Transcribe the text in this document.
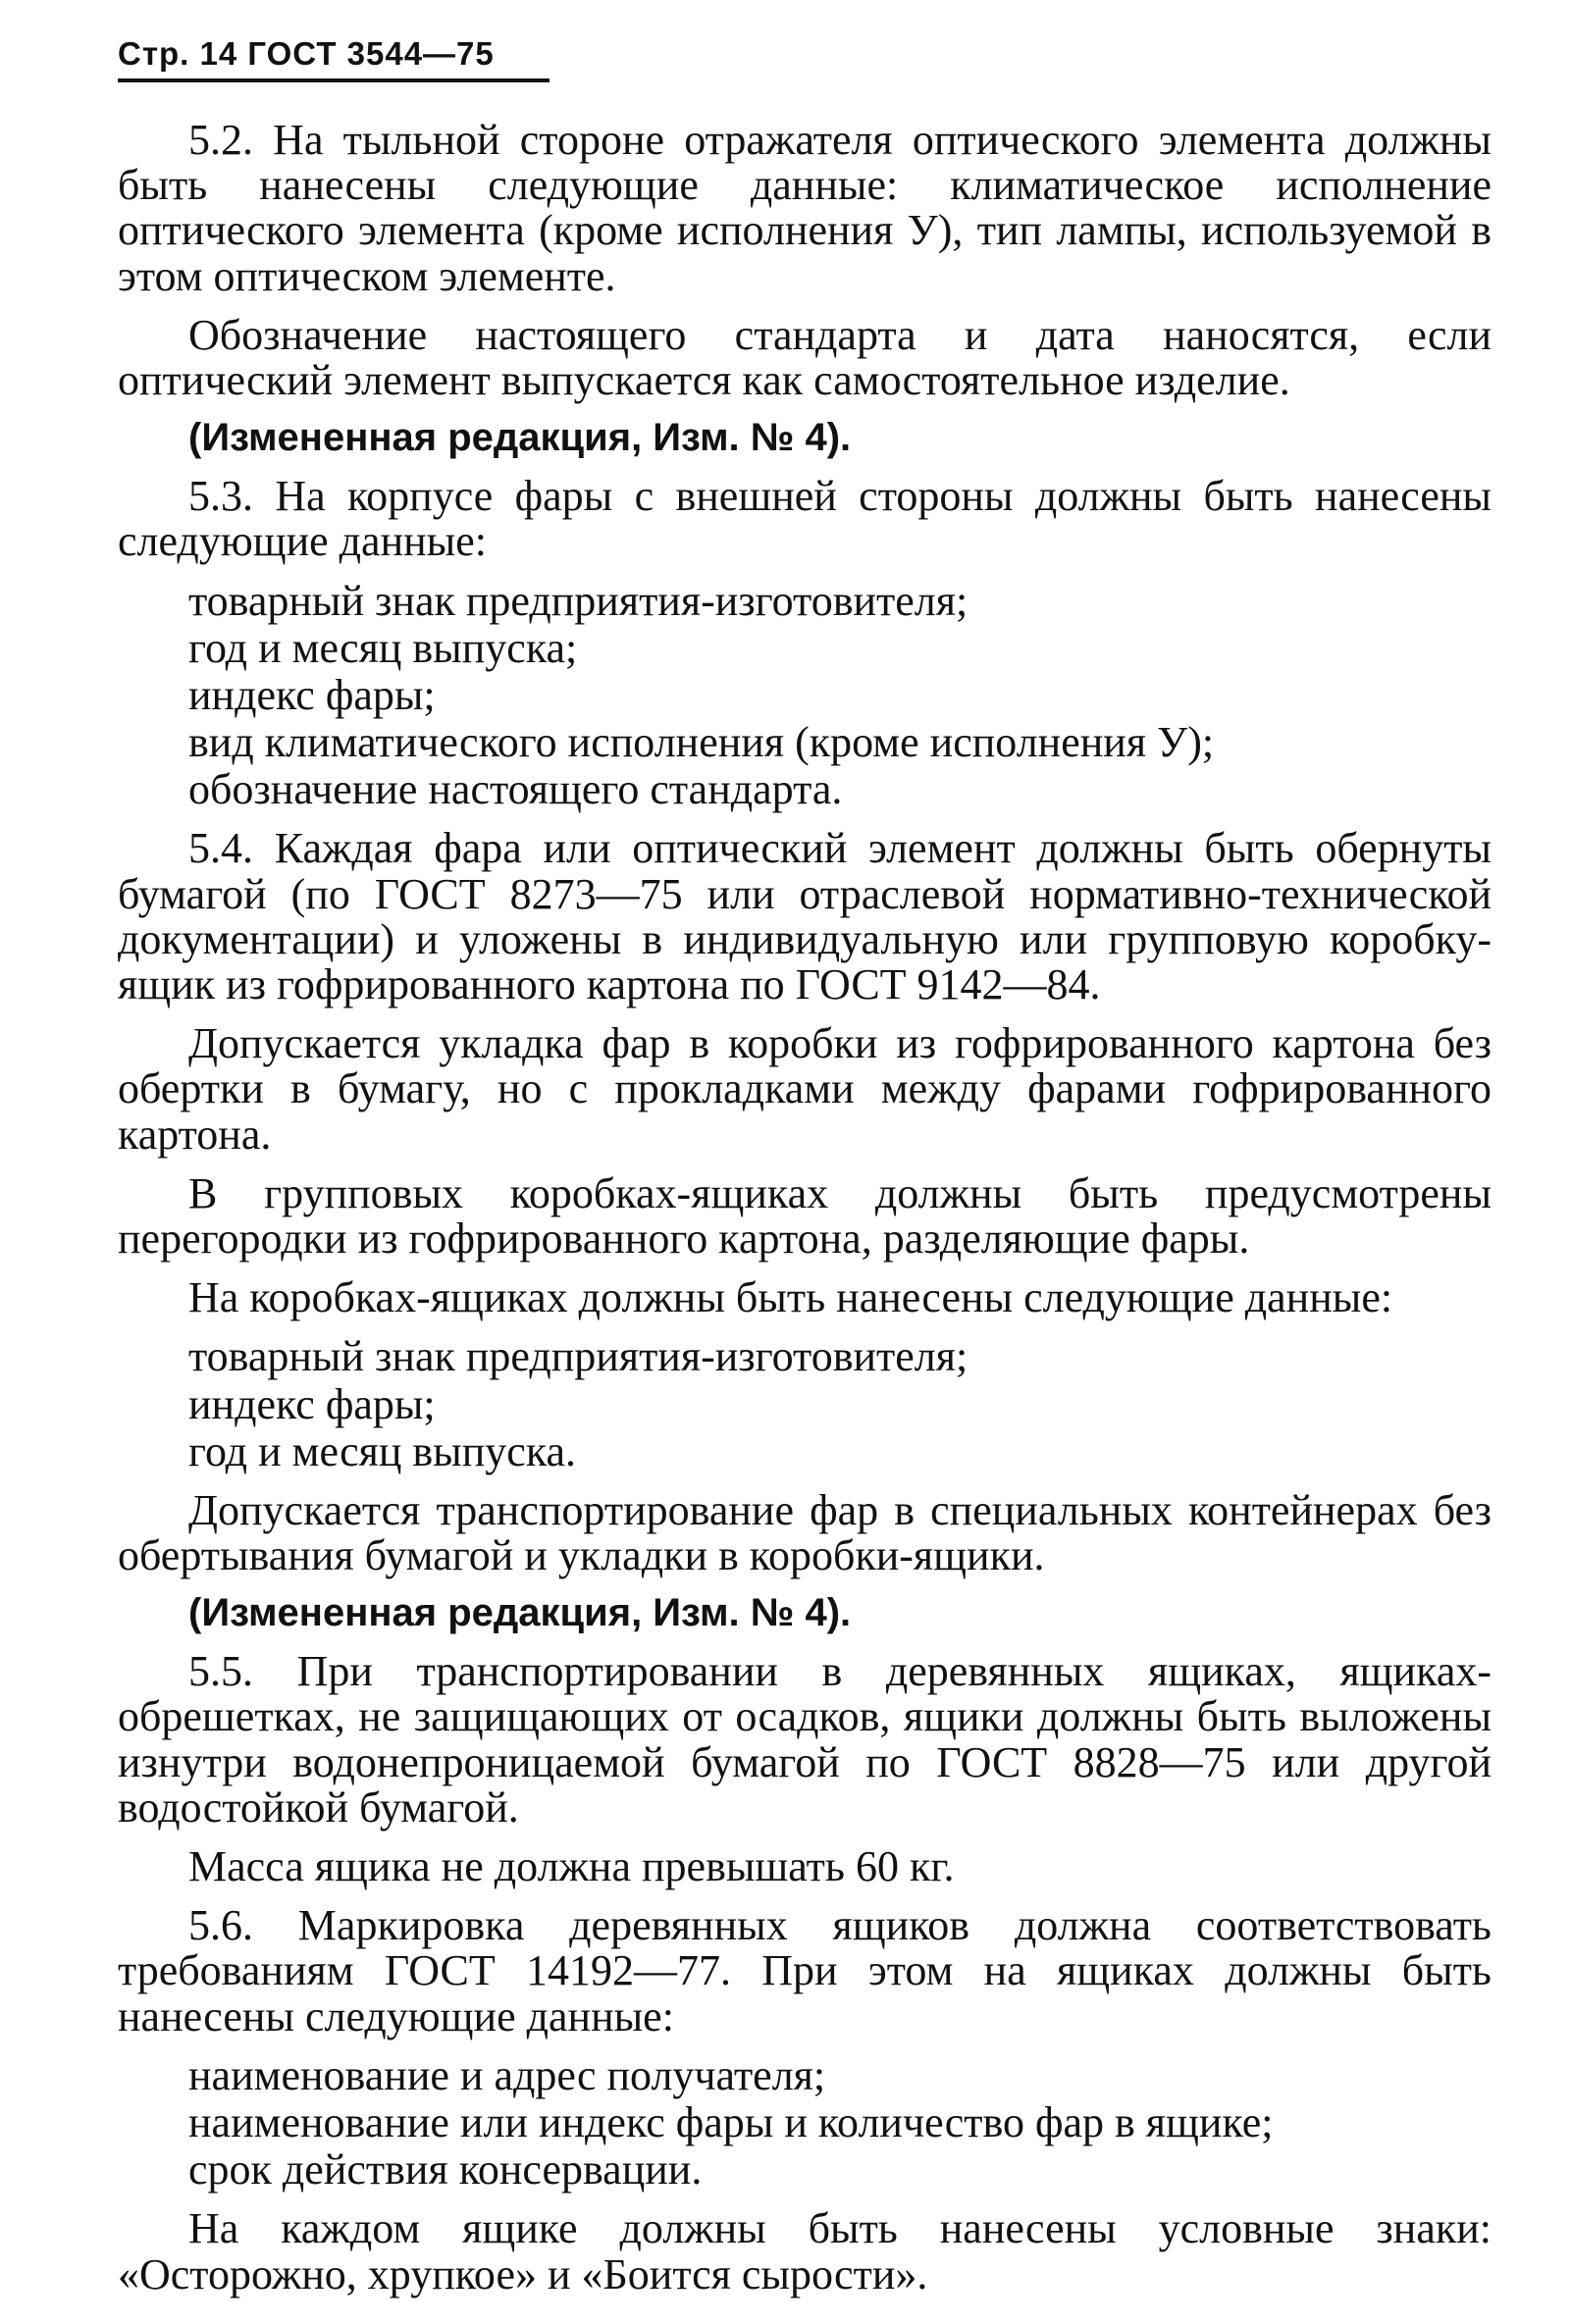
Стр. 14 ГОСТ 3544—75

5.2. На тыльной стороне отражателя оптического элемента должны быть нанесены следующие данные: климатическое исполнение оптического элемента (кроме исполнения У), тип лампы, используемой в этом оптическом элементе.

Обозначение настоящего стандарта и дата наносятся, если оптический элемент выпускается как самостоятельное изделие.

(Измененная редакция, Изм. № 4).

5.3. На корпусе фары с внешней стороны должны быть нанесены следующие данные:

товарный знак предприятия-изготовителя;

год и месяц выпуска;

индекс фары;

вид климатического исполнения (кроме исполнения У);

обозначение настоящего стандарта.

5.4. Каждая фара или оптический элемент должны быть обернуты бумагой (по ГОСТ 8273—75 или отраслевой нормативно-технической документации) и уложены в индивидуальную или групповую коробку-ящик из гофрированного картона по ГОСТ 9142—84.

Допускается укладка фар в коробки из гофрированного картона без обертки в бумагу, но с прокладками между фарами гофрированного картона.

В групповых коробках-ящиках должны быть предусмотрены перегородки из гофрированного картона, разделяющие фары.

На коробках-ящиках должны быть нанесены следующие данные:

товарный знак предприятия-изготовителя;

индекс фары;

год и месяц выпуска.

Допускается транспортирование фар в специальных контейнерах без обертывания бумагой и укладки в коробки-ящики.

(Измененная редакция, Изм. № 4).

5.5. При транспортировании в деревянных ящиках, ящиках-обрешетках, не защищающих от осадков, ящики должны быть выложены изнутри водонепроницаемой бумагой по ГОСТ 8828—75 или другой водостойкой бумагой.

Масса ящика не должна превышать 60 кг.

5.6. Маркировка деревянных ящиков должна соответствовать требованиям ГОСТ 14192—77. При этом на ящиках должны быть нанесены следующие данные:

наименование и адрес получателя;

наименование или индекс фары и количество фар в ящике;

срок действия консервации.

На каждом ящике должны быть нанесены условные знаки: «Осторожно, хрупкое» и «Боится сырости».
